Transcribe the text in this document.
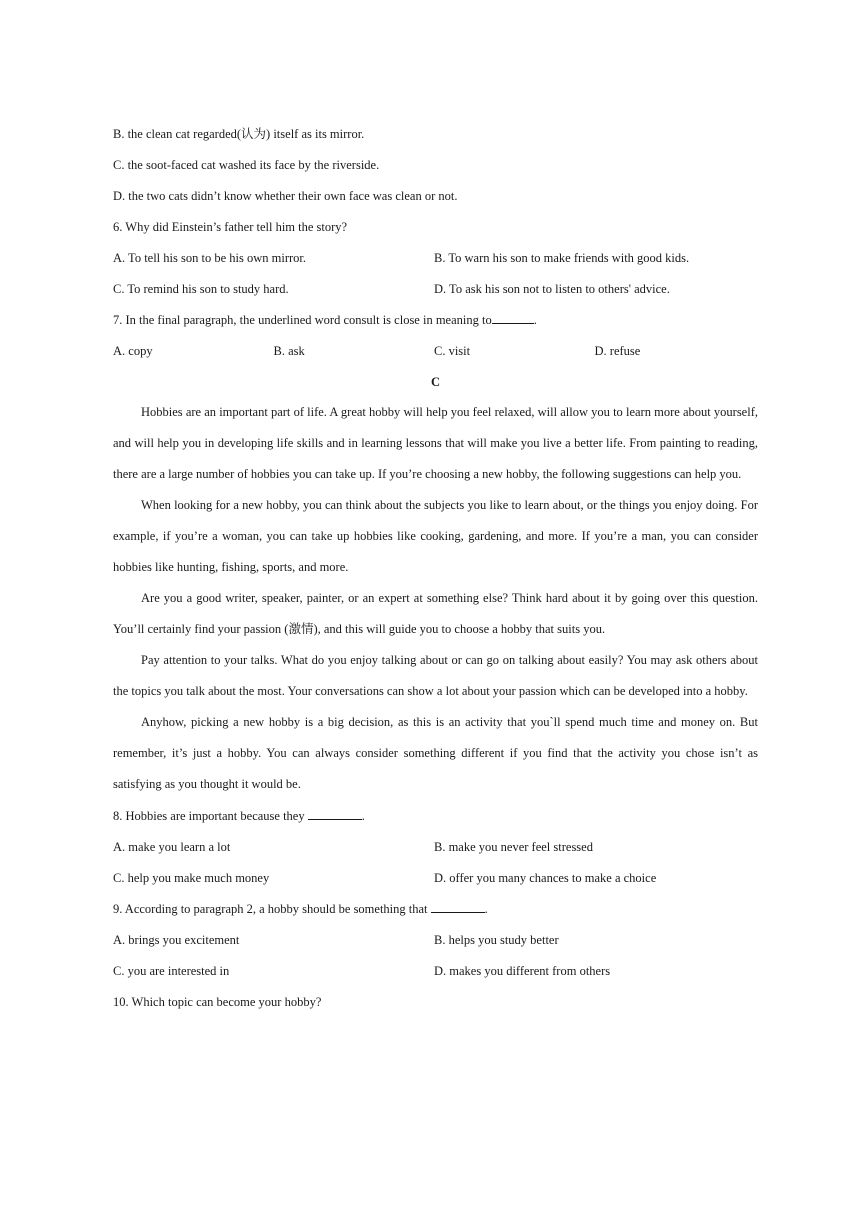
B. the clean cat regarded(认为) itself as its mirror.
C. the soot-faced cat washed its face by the riverside.
D. the two cats didn’t know whether their own face was clean or not.
6. Why did Einstein’s father tell him the story?
A. To tell his son to be his own mirror.	B. To warn his son to make friends with good kids.
C. To remind his son to study hard.	D. To ask his son not to listen to others' advice.
7. In the final paragraph, the underlined word consult is close in meaning to	.
A. copy	B. ask	C. visit	D. refuse
C
Hobbies are an important part of life. A great hobby will help you feel relaxed, will allow you to learn more about yourself, and will help you in developing life skills and in learning lessons that will make you live a better life. From painting to reading, there are a large number of hobbies you can take up. If you’re choosing a new hobby, the following suggestions can help you.
When looking for a new hobby, you can think about the subjects you like to learn about, or the things you enjoy doing. For example, if you’re a woman, you can take up hobbies like cooking, gardening, and more. If you’re a man, you can consider hobbies like hunting, fishing, sports, and more.
Are you a good writer, speaker, painter, or an expert at something else? Think hard about it by going over this question. You’ll certainly find your passion (激情), and this will guide you to choose a hobby that suits you.
Pay attention to your talks. What do you enjoy talking about or can go on talking about easily? You may ask others about the topics you talk about the most. Your conversations can show a lot about your passion which can be developed into a hobby.
Anyhow, picking a new hobby is a big decision, as this is an activity that you`ll spend much time and money on. But remember, it’s just a hobby. You can always consider something different if you find that the activity you chose isn’t as satisfying as you thought it would be.
8. Hobbies are important because they	.
A. make you learn a lot	B. make you never feel stressed
C. help you make much money	D. offer you many chances to make a choice
9. According to paragraph 2, a hobby should be something that	.
A. brings you excitement	B. helps you study better
C. you are interested in	D. makes you different from others
10. Which topic can become your hobby?
